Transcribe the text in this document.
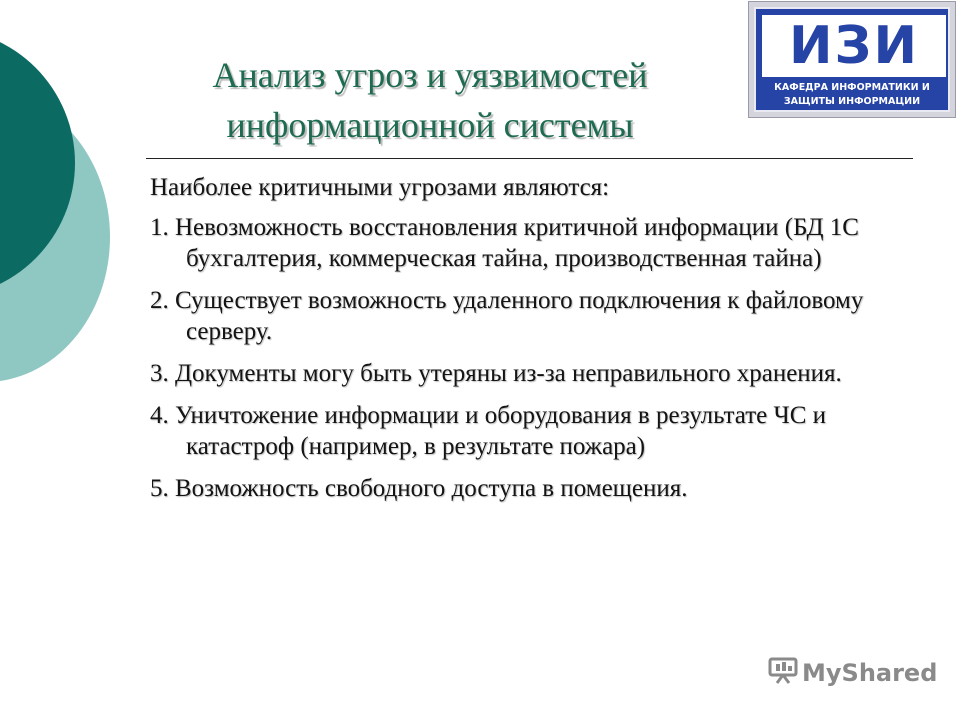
ИЗИ
КАФЕДРА ИНФОРМАТИКИ И
ЗАЩИТЫ ИНФОРМАЦИИ
Анализ угроз и уязвимостей
информационной системы

Наиболее критичными угрозами являются:

1. Невозможность восстановления критичной информации (БД 1С бухгалтерия, коммерческая тайна, производственная тайна)

2. Существует возможность удаленного подключения к файловому серверу.

3. Документы могу быть утеряны из-за неправильного хранения.

4. Уничтожение информации и оборудования в результате ЧС и катастроф (например, в результате пожара)

5. Возможность свободного доступа в помещения.

MyShared
